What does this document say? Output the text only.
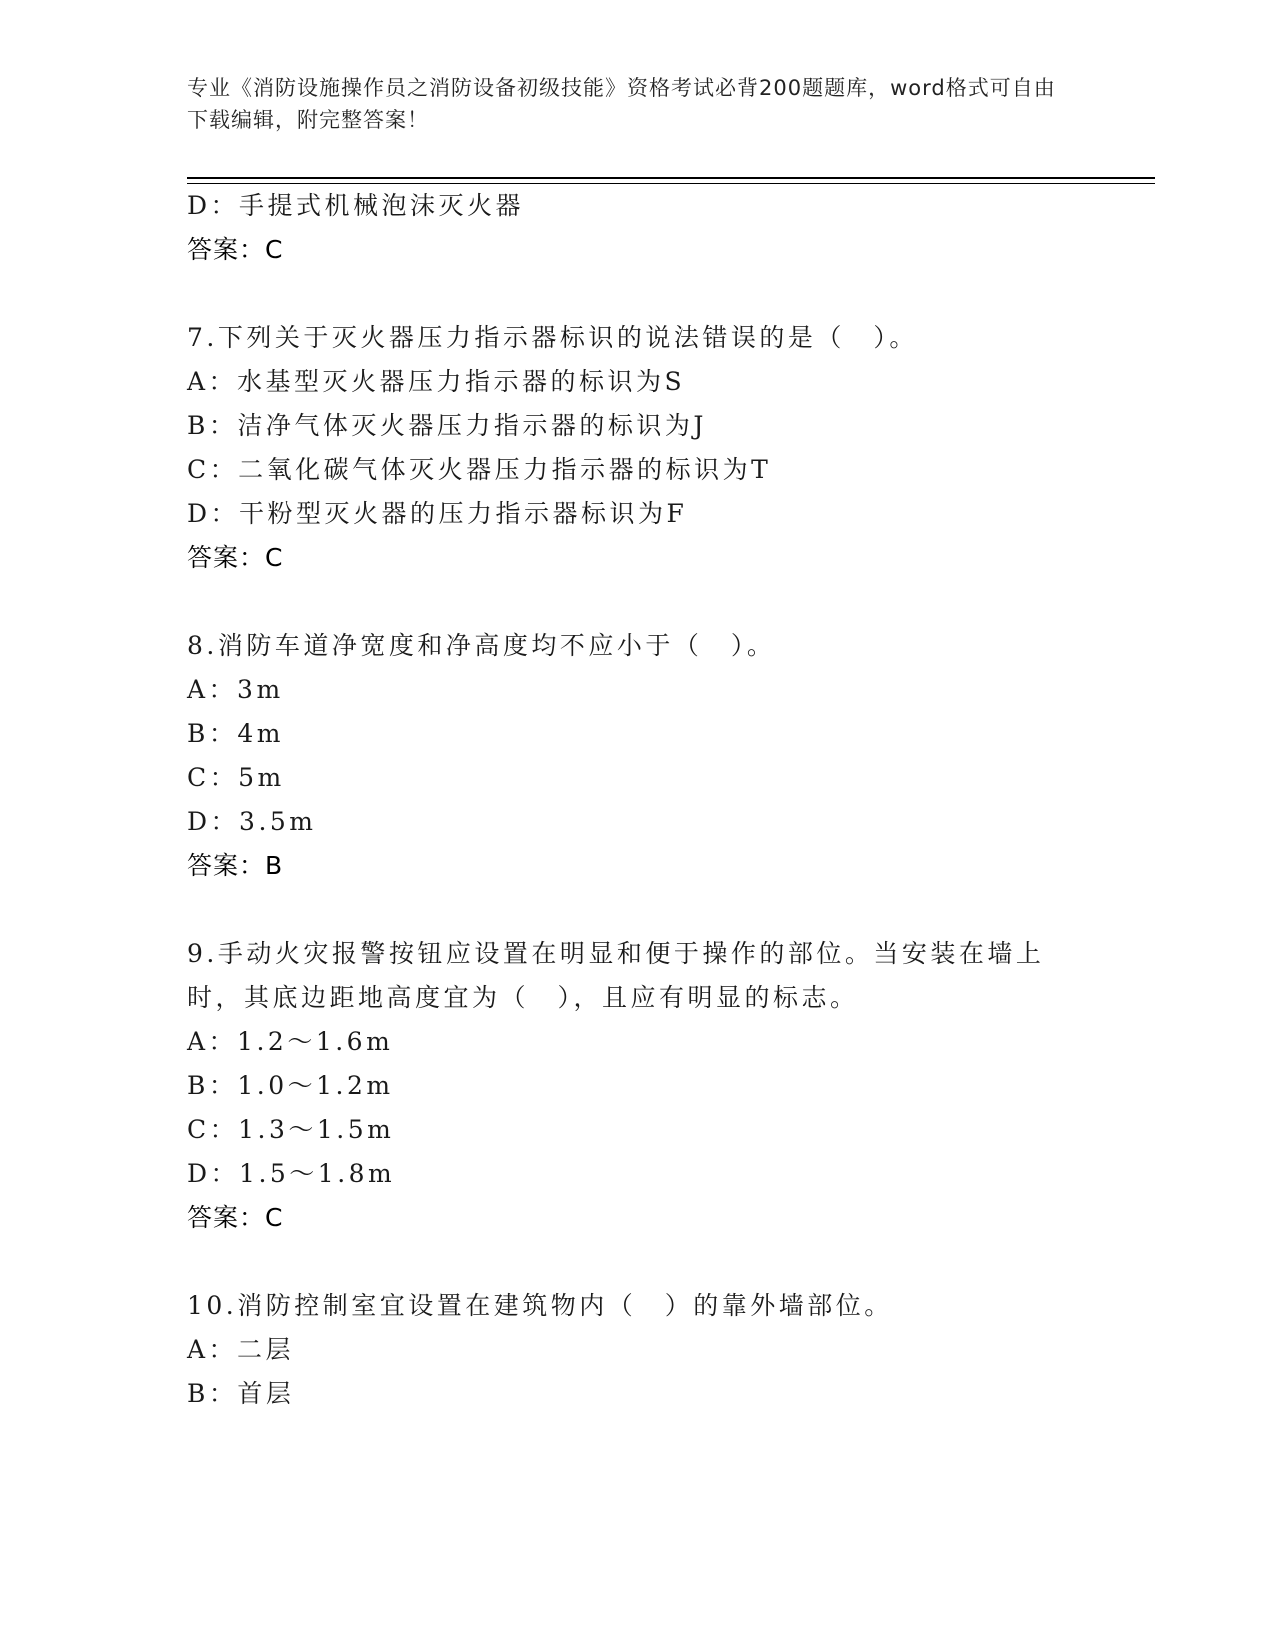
专业《消防设施操作员之消防设备初级技能》资格考试必背200题题库，word格式可自由下载编辑，附完整答案！
D：手提式机械泡沫灭火器
答案：C
7.下列关于灭火器压力指示器标识的说法错误的是（　）。
A：水基型灭火器压力指示器的标识为S
B：洁净气体灭火器压力指示器的标识为J
C：二氧化碳气体灭火器压力指示器的标识为T
D：干粉型灭火器的压力指示器标识为F
答案：C
8.消防车道净宽度和净高度均不应小于（　）。
A：3m
B：4m
C：5m
D：3.5m
答案：B
9.手动火灾报警按钮应设置在明显和便于操作的部位。当安装在墙上
时，其底边距地高度宜为（　），且应有明显的标志。
A：1.2～1.6m
B：1.0～1.2m
C：1.3～1.5m
D：1.5～1.8m
答案：C
10.消防控制室宜设置在建筑物内（　）的靠外墙部位。
A：二层
B：首层
